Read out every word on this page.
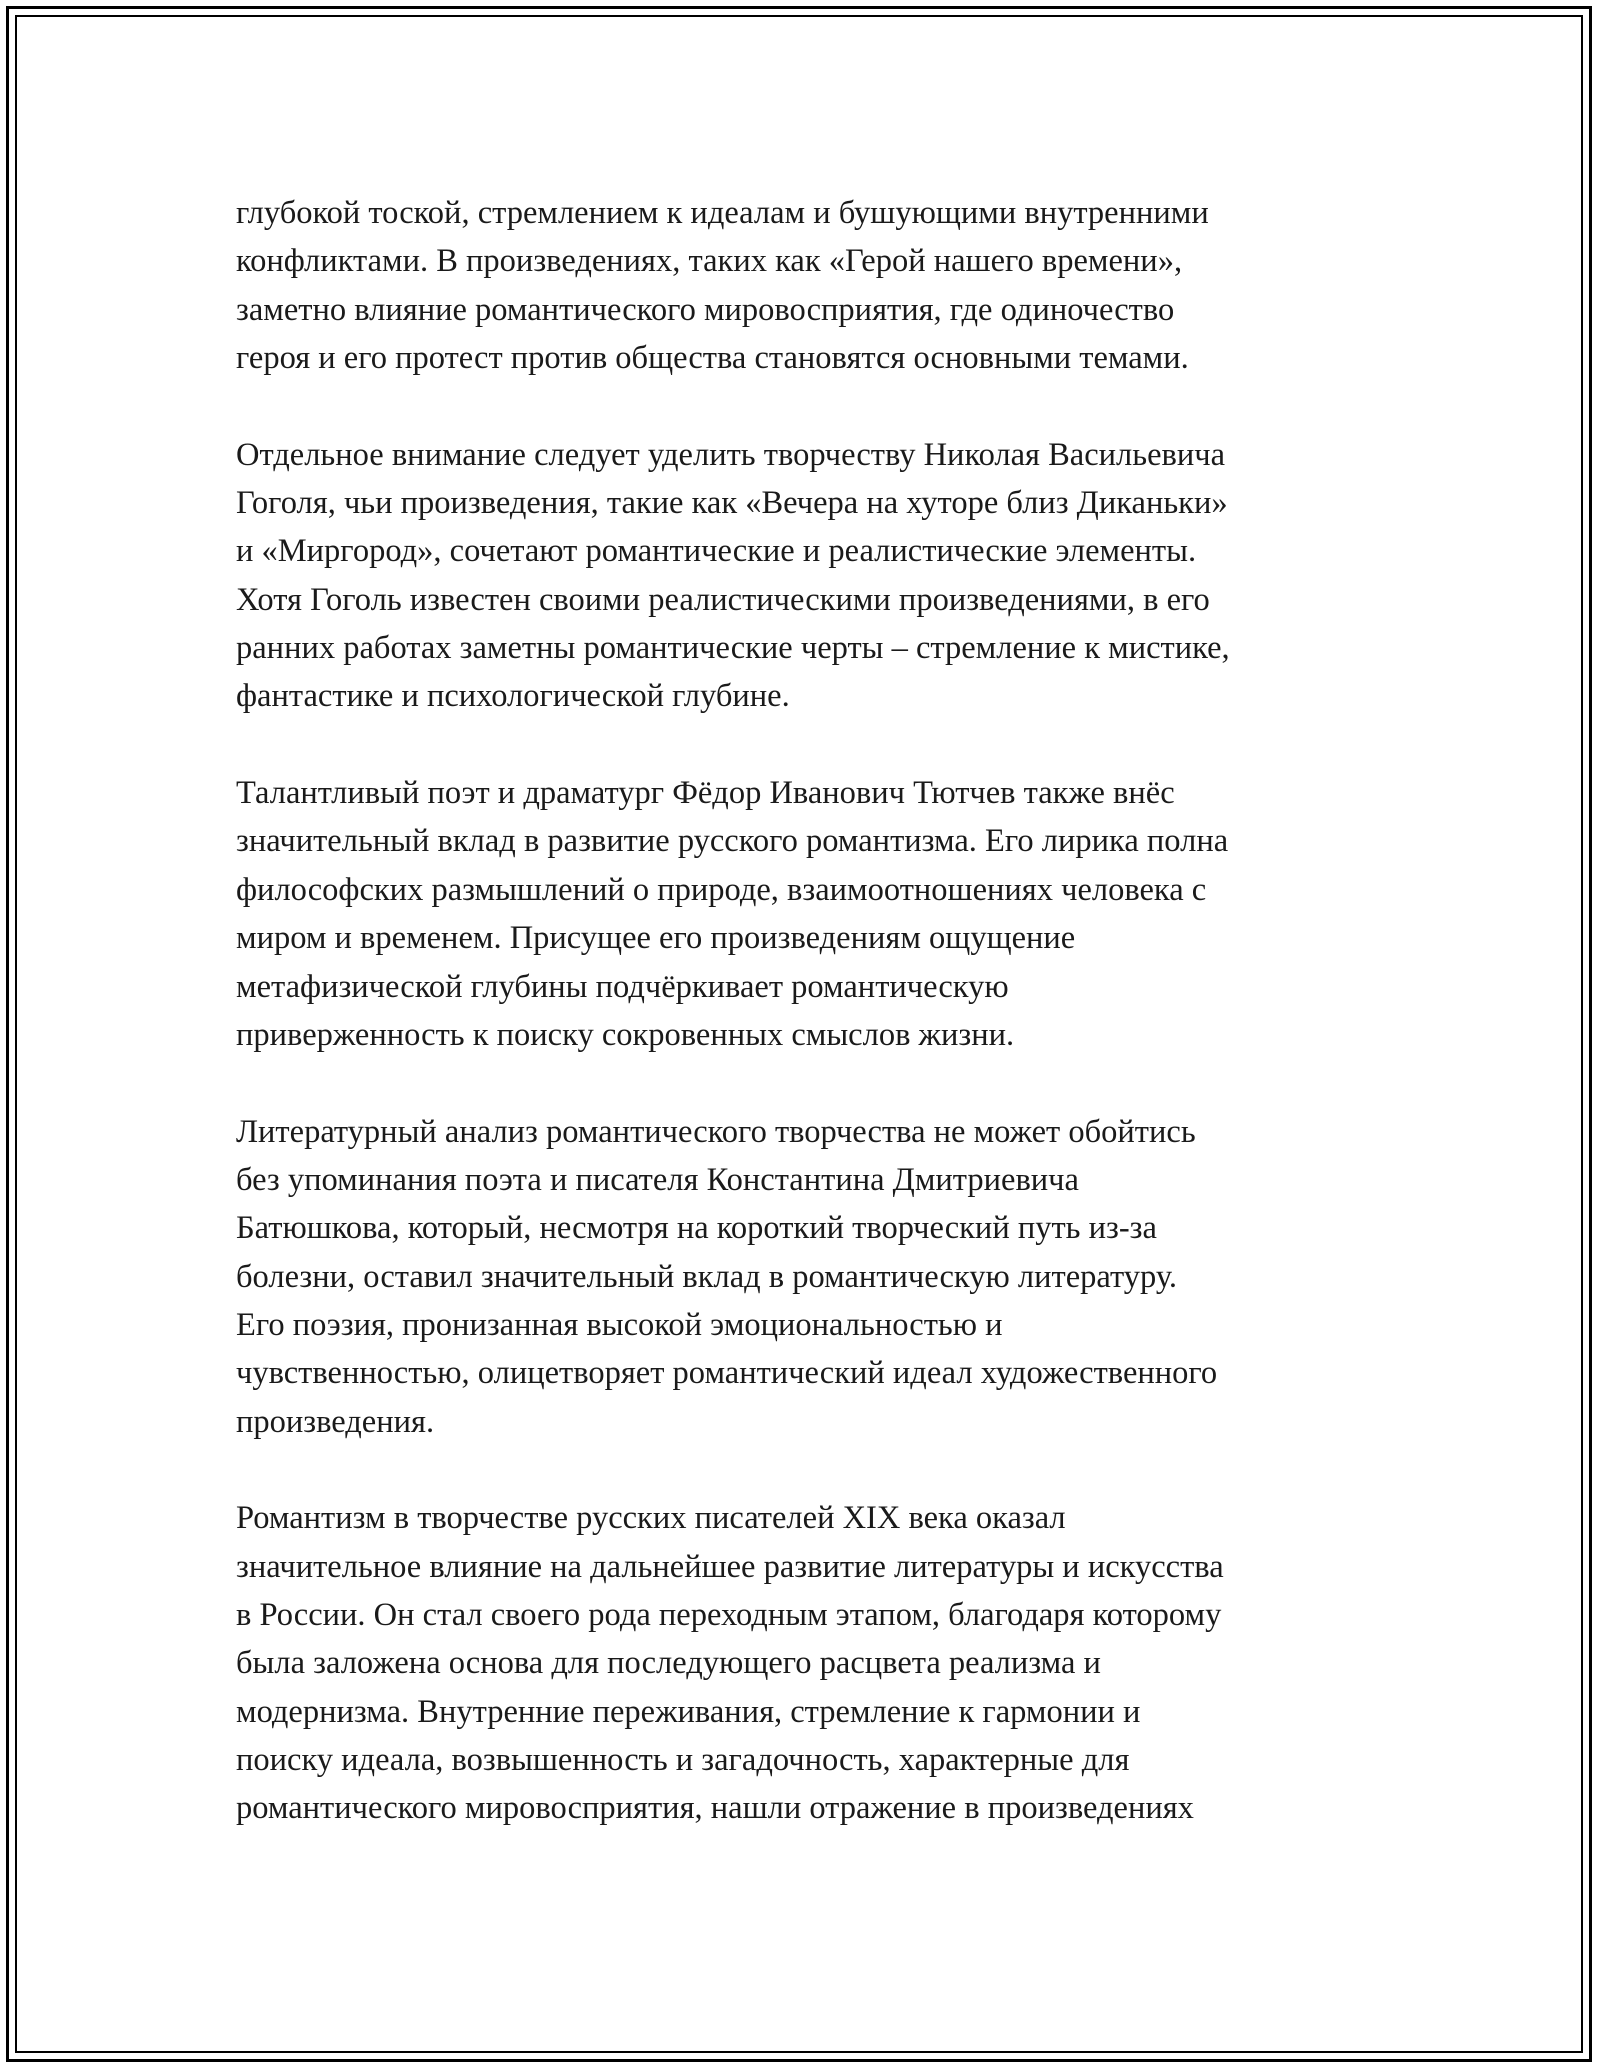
глубокой тоской, стремлением к идеалам и бушующими внутренними
конфликтами. В произведениях, таких как «Герой нашего времени»,
заметно влияние романтического мировосприятия, где одиночество
героя и его протест против общества становятся основными темами.
Отдельное внимание следует уделить творчеству Николая Васильевича
Гоголя, чьи произведения, такие как «Вечера на хуторе близ Диканьки»
и «Миргород», сочетают романтические и реалистические элементы.
Хотя Гоголь известен своими реалистическими произведениями, в его
ранних работах заметны романтические черты – стремление к мистике,
фантастике и психологической глубине.
Талантливый поэт и драматург Фёдор Иванович Тютчев также внёс
значительный вклад в развитие русского романтизма. Его лирика полна
философских размышлений о природе, взаимоотношениях человека с
миром и временем. Присущее его произведениям ощущение
метафизической глубины подчёркивает романтическую
приверженность к поиску сокровенных смыслов жизни.
Литературный анализ романтического творчества не может обойтись
без упоминания поэта и писателя Константина Дмитриевича
Батюшкова, который, несмотря на короткий творческий путь из-за
болезни, оставил значительный вклад в романтическую литературу.
Его поэзия, пронизанная высокой эмоциональностью и
чувственностью, олицетворяет романтический идеал художественного
произведения.
Романтизм в творчестве русских писателей XIX века оказал
значительное влияние на дальнейшее развитие литературы и искусства
в России. Он стал своего рода переходным этапом, благодаря которому
была заложена основа для последующего расцвета реализма и
модернизма. Внутренние переживания, стремление к гармонии и
поиску идеала, возвышенность и загадочность, характерные для
романтического мировосприятия, нашли отражение в произведениях
